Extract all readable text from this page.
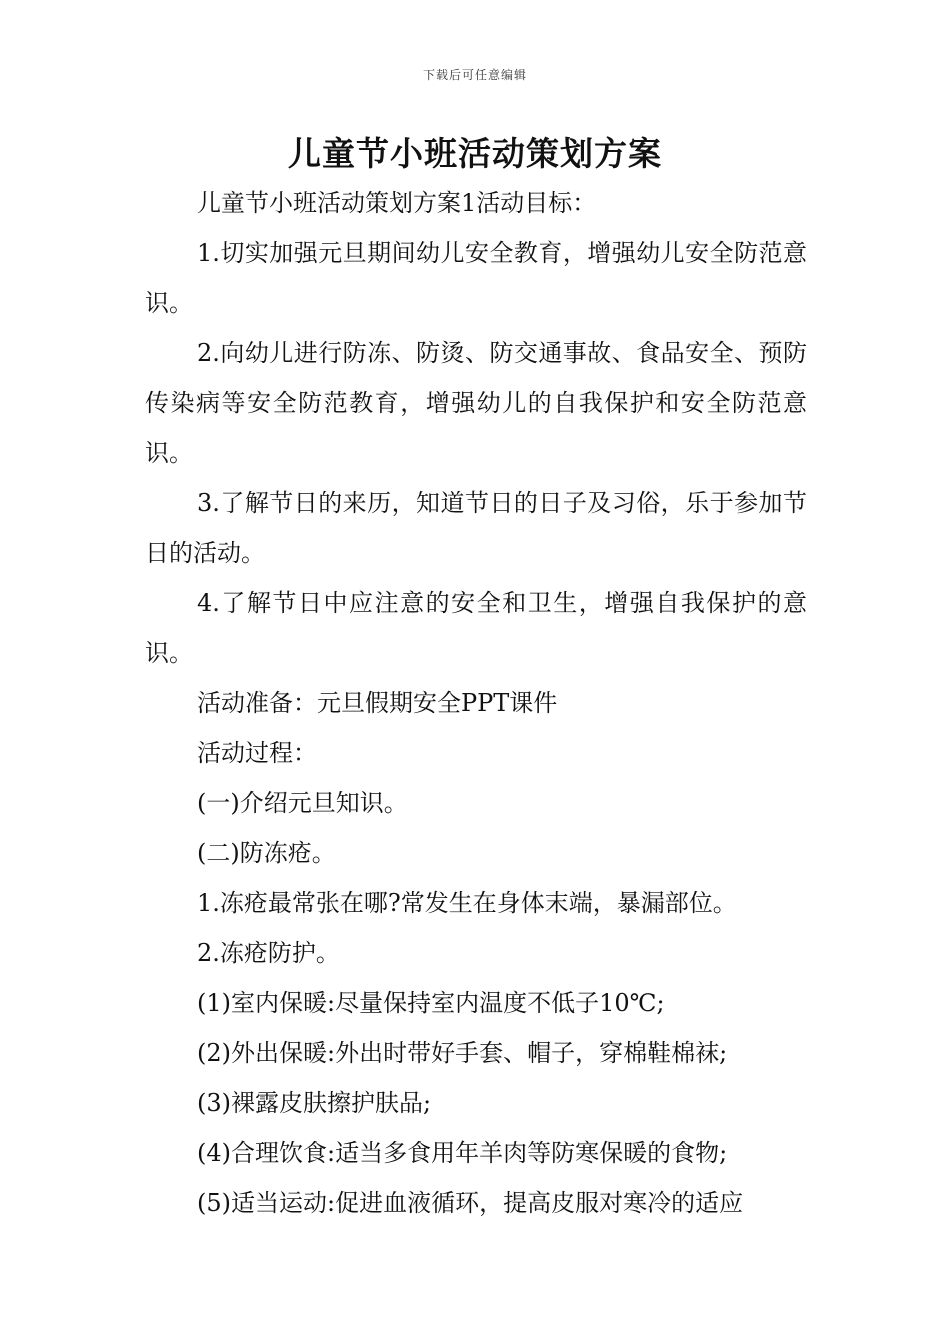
下载后可任意编辑
儿童节小班活动策划方案

儿童节小班活动策划方案1活动目标：

1.切实加强元旦期间幼儿安全教育，增强幼儿安全防范意识。

2.向幼儿进行防冻、防烫、防交通事故、食品安全、预防传染病等安全防范教育，增强幼儿的自我保护和安全防范意识。

3.了解节日的来历，知道节日的日子及习俗，乐于参加节日的活动。

4.了解节日中应注意的安全和卫生，增强自我保护的意识。

活动准备：元旦假期安全PPT课件

活动过程：

(一)介绍元旦知识。

(二)防冻疮。

1.冻疮最常张在哪?常发生在身体末端，暴漏部位。

2.冻疮防护。

(1)室内保暖:尽量保持室内温度不低子10℃;

(2)外出保暖:外出时带好手套、帽子，穿棉鞋棉袜;

(3)裸露皮肤擦护肤品;

(4)合理饮食:适当多食用年羊肉等防寒保暖的食物;

(5)适当运动:促进血液循环，提高皮服对寒冷的适应
